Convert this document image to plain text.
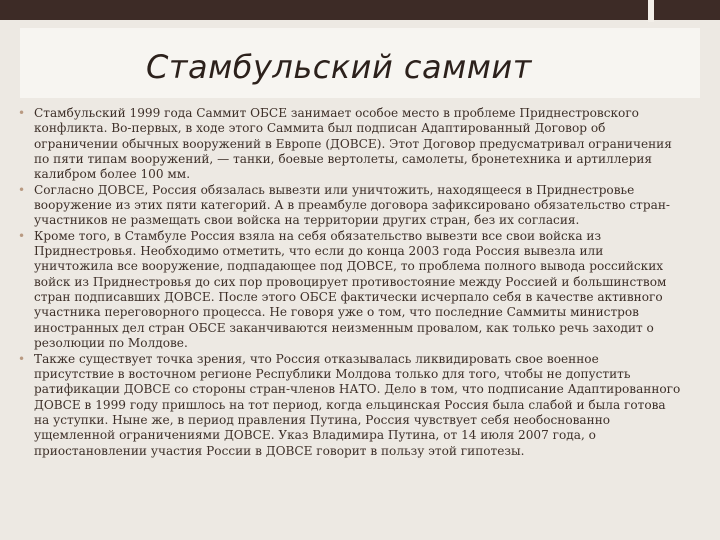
Стамбульский саммит
• Стамбульский 1999 года Саммит ОБСЕ занимает особое место в проблеме Приднестровского конфликта. Во-первых, в ходе этого Саммита был подписан Адаптированный Договор об ограничении обычных вооружений в Европе (ДОВСЕ). Этот Договор предусматривал ограничения по пяти типам вооружений, — танки, боевые вертолеты, самолеты, бронетехника и артиллерия калибром более 100 мм.
• Согласно ДОВСЕ, Россия обязалась вывезти или уничтожить, находящееся в Приднестровье вооружение из этих пяти категорий. А в преамбуле договора зафиксировано обязательство стран-участников не размещать свои войска на территории других стран, без их согласия.
• Кроме того, в Стамбуле Россия взяла на себя обязательство вывезти все свои войска из Приднестровья. Необходимо отметить, что если до конца 2003 года Россия вывезла или уничтожила все вооружение, подпадающее под ДОВСЕ, то проблема полного вывода российских войск из Приднестровья до сих пор провоцирует противостояние между Россией и большинством стран подписавших ДОВСЕ. После этого ОБСЕ фактически исчерпало себя в качестве активного участника переговорного процесса. Не говоря уже о том, что последние Саммиты министров иностранных дел стран ОБСЕ заканчиваются неизменным провалом, как только речь заходит о резолюции по Молдове.
• Также существует точка зрения, что Россия отказывалась ликвидировать свое военное присутствие в восточном регионе Республики Молдова только для того, чтобы не допустить ратификации ДОВСЕ со стороны стран-членов НАТО. Дело в том, что подписание Адаптированного ДОВСЕ в 1999 году пришлось на тот период, когда ельцинская Россия была слабой и была готова на уступки. Ныне же, в период правления Путина, Россия чувствует себя необоснованно ущемленной ограничениями ДОВСЕ. Указ Владимира Путина, от 14 июля 2007 года, о приостановлении участия России в ДОВСЕ говорит в пользу этой гипотезы.
